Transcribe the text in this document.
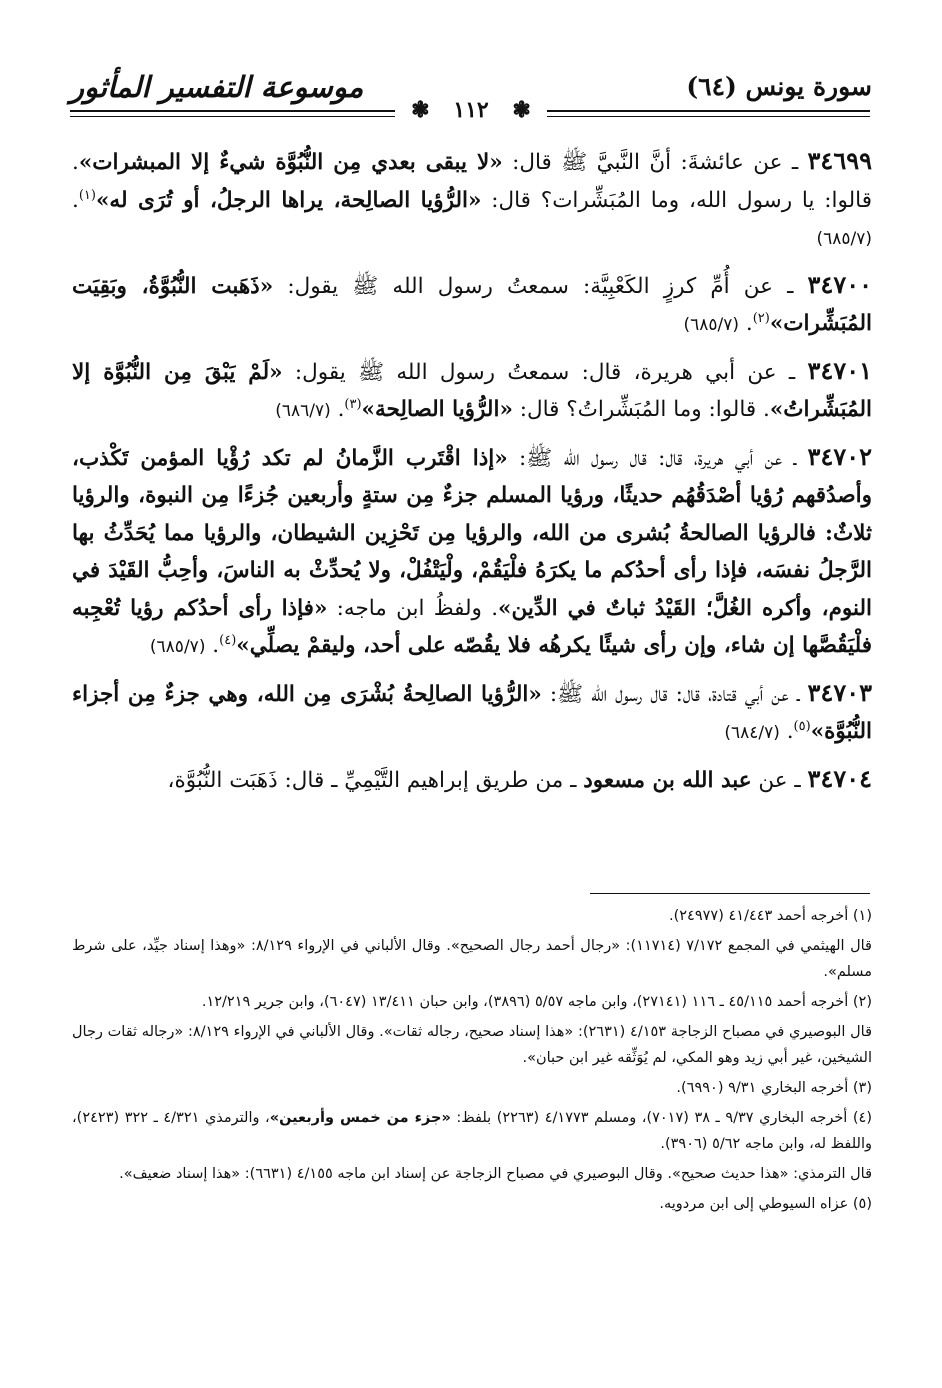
موسوعة التفسير المأثور	سورة يونس (٦٤)
❃ ١١٢ ❃
٣٤٦٩٩ ـ عن عائشةَ: أنَّ النَّبيَّ ﷺ قال: «لا يبقى بعدي مِن النُّبُوَّة شيءٌ إلا المبشرات». قالوا: يا رسول الله، وما المُبَشِّرات؟ قال: «الرُّؤيا الصالِحة، يراها الرجلُ، أو تُرَى له»$^{(١)}$. (٦٨٥/٧)
٣٤٧٠٠ ـ عن أُمِّ كرزٍ الكَعْبِيَّة: سمعتُ رسول الله ﷺ يقول: «ذَهَبت النُّبُوَّةُ، وبَقِيَت المُبَشِّرات»$^{(٢)}$. (٦٨٥/٧)
٣٤٧٠١ ـ عن أبي هريرة، قال: سمعتُ رسول الله ﷺ يقول: «لَمْ يَبْقَ مِن النُّبُوَّة إلا المُبَشِّراتُ». قالوا: وما المُبَشِّراتُ؟ قال: «الرُّؤيا الصالِحة»$^{(٣)}$. (٦٨٦/٧)
٣٤٧٠٢ ـ عن أبي هريرة، قال: قال رسول الله ﷺ: «إذا اقْتَرب الزَّمانُ لم تكد رُؤْيا المؤمن تَكْذب، وأصدُقهم رُؤيا أصْدَقُهُم حديثًا، ورؤيا المسلم جزءٌ مِن ستةٍ وأربعين جُزءًا مِن النبوة، والرؤيا ثلاثٌ: فالرؤيا الصالحةُ بُشرى من الله، والرؤيا مِن تَحْزِين الشيطان، والرؤيا مما يُحَدِّثُ بها الرَّجلُ نفسَه، فإذا رأى أحدُكم ما يكرَهُ فلْيَقُمْ، ولْيَتْفُلْ، ولا يُحدِّثْ به الناسَ، وأحِبُّ القَيْدَ في النوم، وأكره الغُلَّ؛ القَيْدُ ثباتٌ في الدِّين». ولفظُ ابن ماجه: «فإذا رأى أحدُكم رؤيا تُعْجِبه فلْيَقُصَّها إن شاء، وإن رأى شيئًا يكرهُه فلا يقُصّه على أحد، وليقمْ يصلِّي»$^{(٤)}$. (٦٨٥/٧)
٣٤٧٠٣ ـ عن أبي قتادة، قال: قال رسول الله ﷺ: «الرُّؤيا الصالِحةُ بُشْرَى مِن الله، وهي جزءٌ مِن أجزاء النُّبُوَّة»$^{(٥)}$. (٦٨٤/٧)
٣٤٧٠٤ ـ عن عبد الله بن مسعود ـ من طريق إبراهيم التَّيْمِيِّ ـ قال: ذَهَبَت النُّبُوَّة،
(١) أخرجه أحمد ٤١/٤٤٣ (٢٤٩٧٧).
قال الهيثمي في المجمع ٧/١٧٢ (١١٧١٤): «رجال أحمد رجال الصحيح». وقال الألباني في الإرواء ٨/١٢٩: «وهذا إسناد جيِّد، على شرط مسلم».
(٢) أخرجه أحمد ٤٥/١١٥ ـ ١١٦ (٢٧١٤١)، وابن ماجه ٥/٥٧ (٣٨٩٦)، وابن حبان ١٣/٤١١ (٦٠٤٧)، وابن جرير ١٢/٢١٩.
قال البوصيري في مصباح الزجاجة ٤/١٥٣ (٢٦٣١): «هذا إسناد صحيح، رجاله ثقات». وقال الألباني في الإرواء ٨/١٢٩: «رجاله ثقات رجال الشيخين، غير أبي زيد وهو المكي، لم يُوَثِّقه غير ابن حبان».
(٣) أخرجه البخاري ٩/٣١ (٦٩٩٠).
(٤) أخرجه البخاري ٩/٣٧ ـ ٣٨ (٧٠١٧)، ومسلم ٤/١٧٧٣ (٢٢٦٣) بلفظ: «جزء من خمس وأربعين»، والترمذي ٤/٣٢١ ـ ٣٢٢ (٢٤٢٣)، واللفظ له، وابن ماجه ٥/٦٢ (٣٩٠٦).
قال الترمذي: «هذا حديث صحيح». وقال البوصيري في مصباح الزجاجة عن إسناد ابن ماجه ٤/١٥٥ (٦٦٣١): «هذا إسناد ضعيف».
(٥) عزاه السيوطي إلى ابن مردويه.
